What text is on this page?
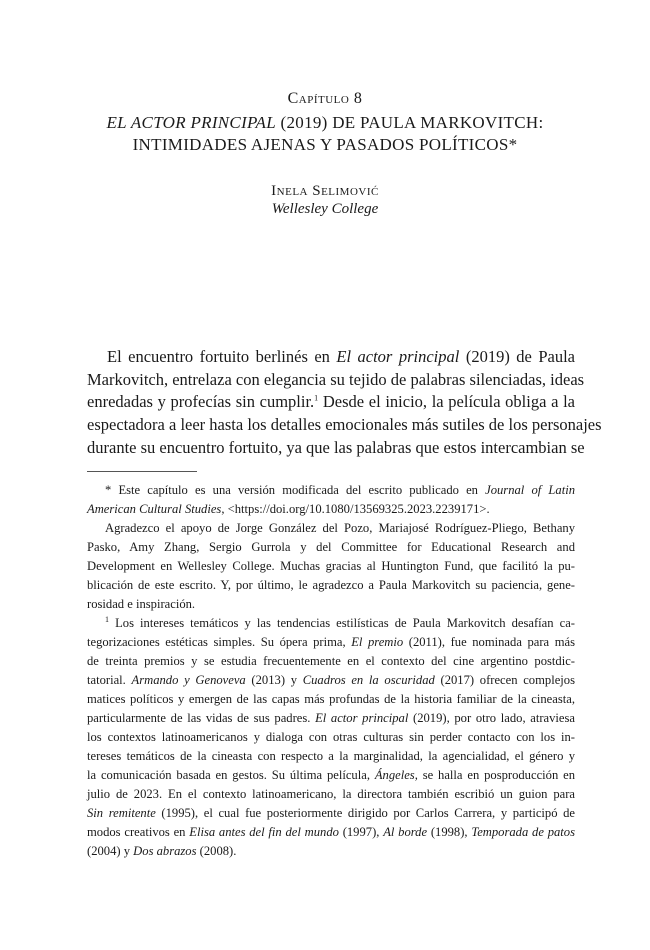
Capítulo 8
EL ACTOR PRINCIPAL (2019) DE PAULA MARKOVITCH:
INTIMIDADES AJENAS Y PASADOS POLÍTICOS*
Inela Selimović
Wellesley College
El encuentro fortuito berlinés en El actor principal (2019) de Paula
Markovitch, entrelaza con elegancia su tejido de palabras silenciadas, ideas
enredadas y profecías sin cumplir.$^1$ Desde el inicio, la película obliga a la
espectadora a leer hasta los detalles emocionales más sutiles de los personajes
durante su encuentro fortuito, ya que las palabras que estos intercambian se
* Este capítulo es una versión modificada del escrito publicado en Journal of Latin
American Cultural Studies, <https://doi.org/10.1080/13569325.2023.2239171>.
Agradezco el apoyo de Jorge González del Pozo, Mariajosé Rodríguez-Pliego, Bethany
Pasko, Amy Zhang, Sergio Gurrola y del Committee for Educational Research and
Development en Wellesley College. Muchas gracias al Huntington Fund, que facilitó la pu-
blicación de este escrito. Y, por último, le agradezco a Paula Markovitch su paciencia, gene-
rosidad e inspiración.
$^1$ Los intereses temáticos y las tendencias estilísticas de Paula Markovitch desafían ca-
tegorizaciones estéticas simples. Su ópera prima, El premio (2011), fue nominada para más
de treinta premios y se estudia frecuentemente en el contexto del cine argentino postdic-
tatorial. Armando y Genoveva (2013) y Cuadros en la oscuridad (2017) ofrecen complejos
matices políticos y emergen de las capas más profundas de la historia familiar de la cineasta,
particularmente de las vidas de sus padres. El actor principal (2019), por otro lado, atraviesa
los contextos latinoamericanos y dialoga con otras culturas sin perder contacto con los in-
tereses temáticos de la cineasta con respecto a la marginalidad, la agencialidad, el género y
la comunicación basada en gestos. Su última película, Ángeles, se halla en posproducción en
julio de 2023. En el contexto latinoamericano, la directora también escribió un guion para
Sin remitente (1995), el cual fue posteriormente dirigido por Carlos Carrera, y participó de
modos creativos en Elisa antes del fin del mundo (1997), Al borde (1998), Temporada de patos
(2004) y Dos abrazos (2008).
